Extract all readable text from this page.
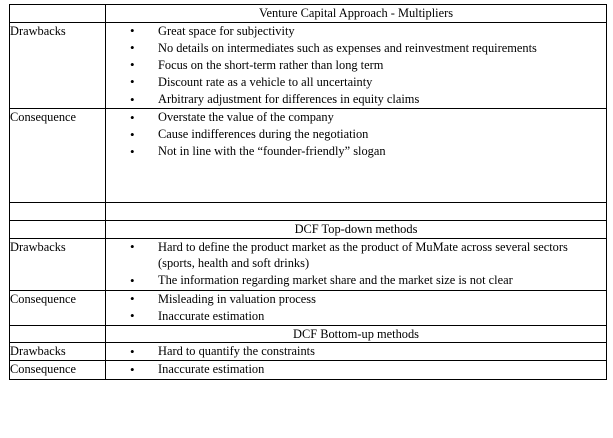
	Venture Capital Approach - Multipliers
Drawbacks	
•Great space for subjectivity
• No details on intermediates such as expenses and reinvestment requirements
• Focus on the short-term rather than long term
• Discount rate as a vehicle to all uncertainty
• Arbitrary adjustment for differences in equity claims

Consequence	
•Overstate the value of the company
• Cause indifferences during the negotiation
• Not in line with the “founder-friendly” slogan

	DCF Top-down methods
Drawbacks	
•Hard to define the product market as the product of MuMate across several sectors (sports, health and soft drinks)
• The information regarding market share and the market size is not clear

Consequence	
•Misleading in valuation process
• Inaccurate estimation

	DCF Bottom-up methods
Drawbacks	
•Hard to quantify the constraints

Consequence	
•Inaccurate estimation
